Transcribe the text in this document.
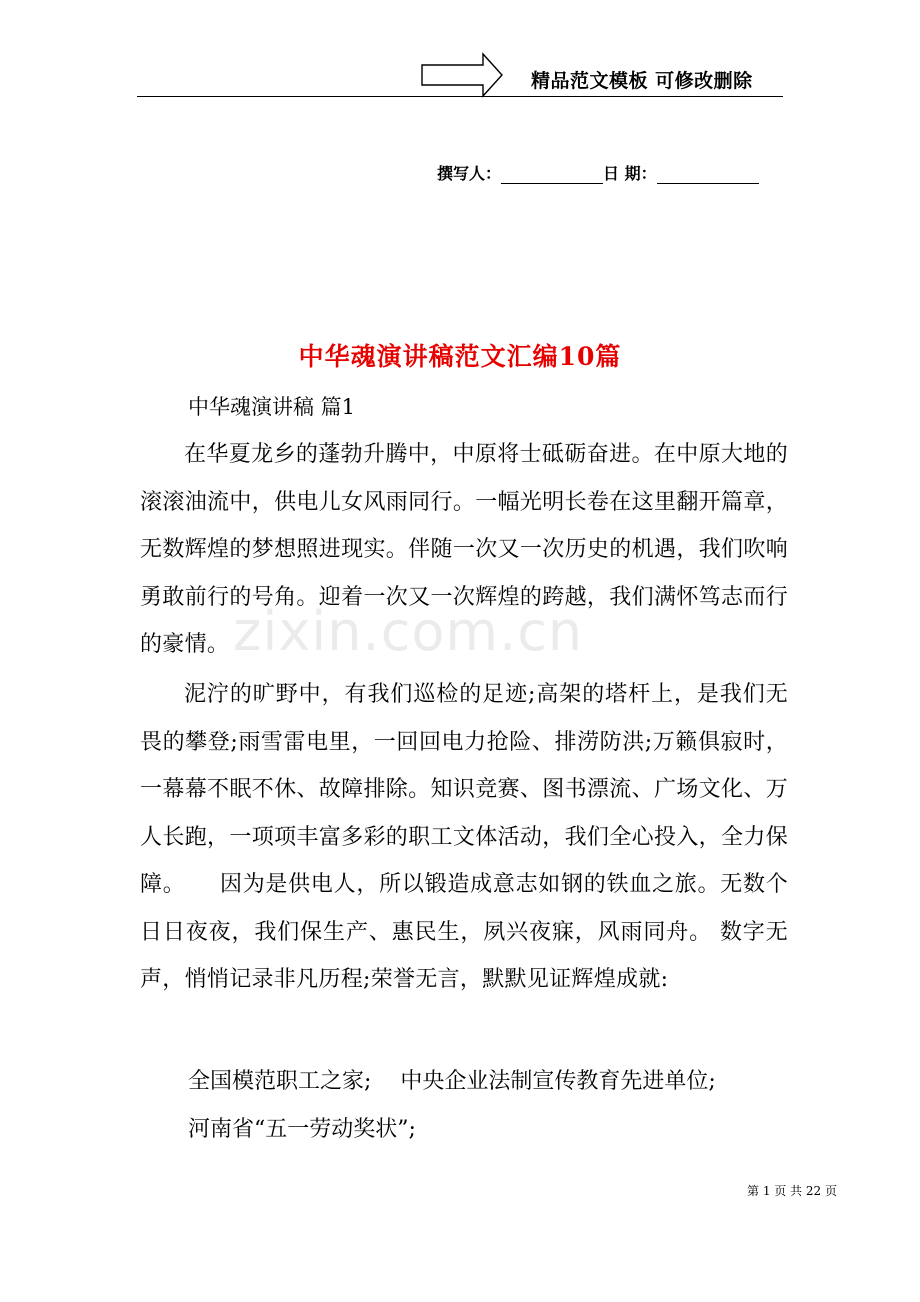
精品范文模板 可修改删除
撰写人：	日 期：
中华魂演讲稿范文汇编10篇
中华魂演讲稿 篇1

在华夏龙乡的蓬勃升腾中，中原将士砥砺奋进。在中原大地的滚滚油流中，供电儿女风雨同行。一幅光明长卷在这里翻开篇章，无数辉煌的梦想照进现实。伴随一次又一次历史的机遇，我们吹响勇敢前行的号角。迎着一次又一次辉煌的跨越，我们满怀笃志而行的豪情。

泥泞的旷野中，有我们巡检的足迹;高架的塔杆上，是我们无畏的攀登;雨雪雷电里，一回回电力抢险、排涝防洪;万籁俱寂时，一幕幕不眠不休、故障排除。知识竞赛、图书漂流、广场文化、万人长跑，一项项丰富多彩的职工文体活动，我们全心投入，全力保障。　　因为是供电人，所以锻造成意志如钢的铁血之旅。无数个日日夜夜，我们保生产、惠民生，夙兴夜寐，风雨同舟。 数字无声，悄悄记录非凡历程;荣誉无言，默默见证辉煌成就:

全国模范职工之家;　 中央企业法制宣传教育先进单位;
河南省“五一劳动奖状”;
zixin.com.cn
第 1 页 共 22 页
